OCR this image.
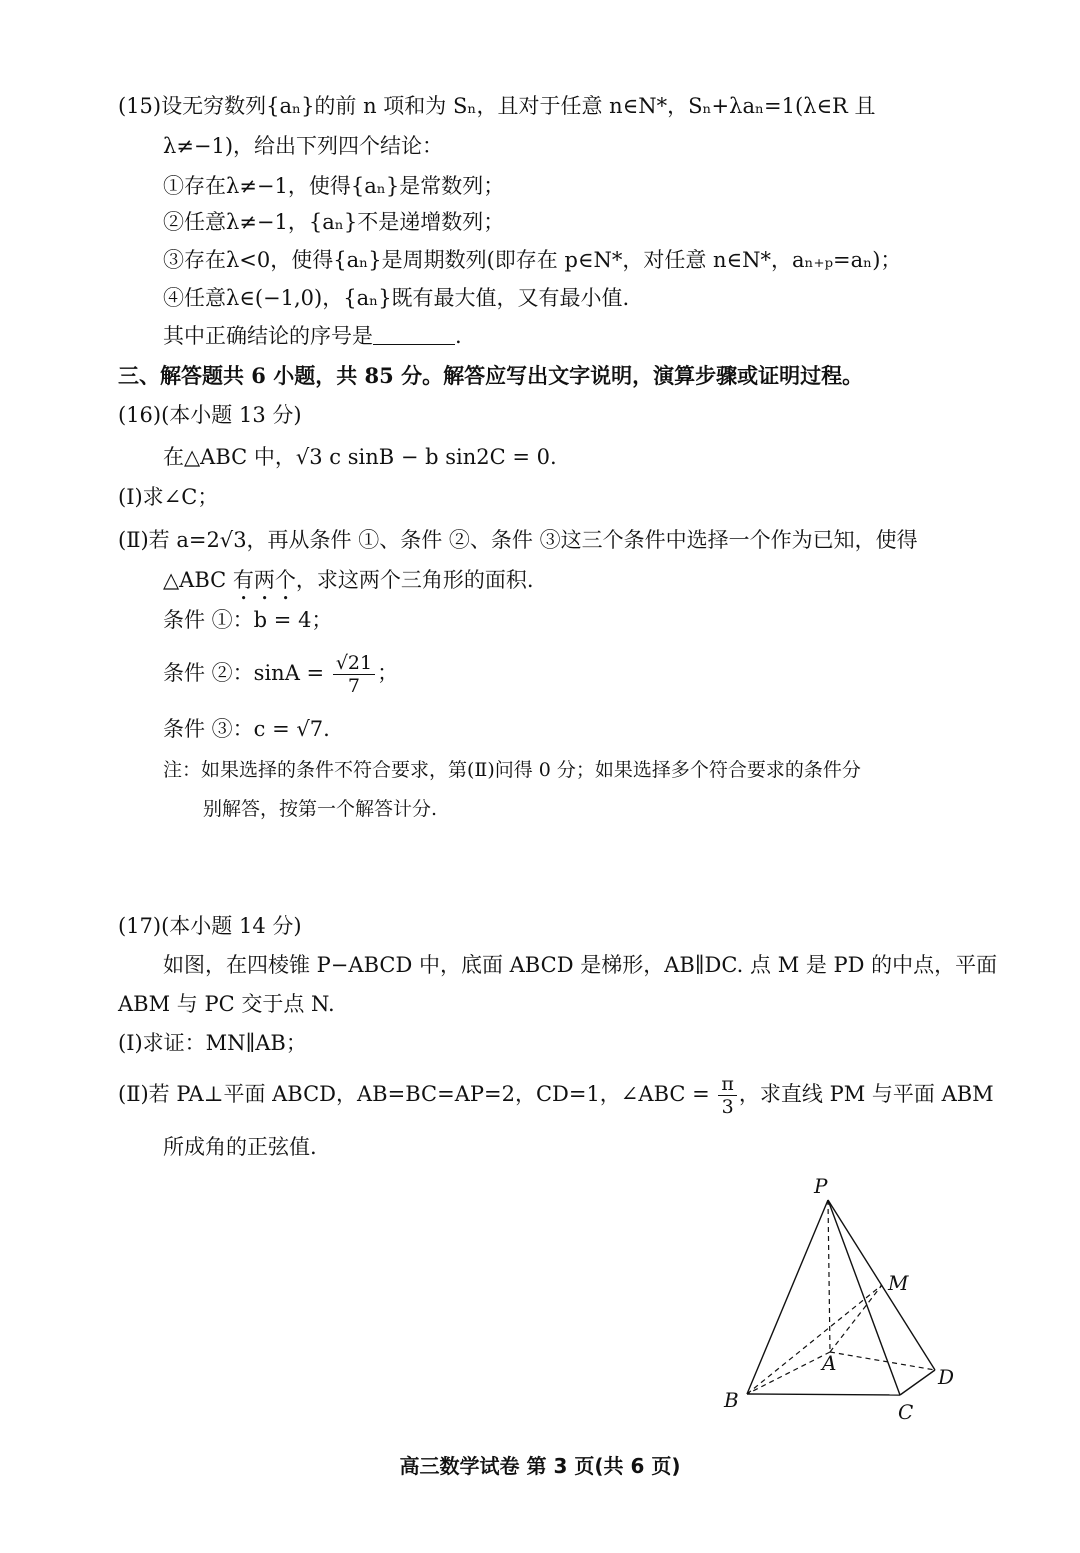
(15)设无穷数列{aₙ}的前 n 项和为 Sₙ，且对于任意 n∈N*，Sₙ+λaₙ=1(λ∈R 且
λ≠−1)，给出下列四个结论：
①存在λ≠−1，使得{aₙ}是常数列；
②任意λ≠−1，{aₙ}不是递增数列；
③存在λ<0，使得{aₙ}是周期数列(即存在 p∈N*，对任意 n∈N*，aₙ₊ₚ=aₙ)；
④任意λ∈(−1,0)，{aₙ}既有最大值，又有最小值.
其中正确结论的序号是	.
三、解答题共 6 小题，共 85 分。解答应写出文字说明，演算步骤或证明过程。
(16)(本小题 13 分)
在△ABC 中，√3 c sinB − b sin2C = 0.
(Ⅰ)求∠C；
(Ⅱ)若 a=2√3，再从条件 ①、条件 ②、条件 ③这三个条件中选择一个作为已知，使得
△ABC 有两个，求这两个三角形的面积.
条件 ①：b = 4；
条件 ②：$\sin A = \frac{√21}{7}$ ；
条件 ③：c = √7.
注：如果选择的条件不符合要求，第(Ⅱ)问得 0 分；如果选择多个符合要求的条件分
别解答，按第一个解答计分.
(17)(本小题 14 分)
如图，在四棱锥 P−ABCD 中，底面 ABCD 是梯形，AB∥DC. 点 M 是 PD 的中点，平面
ABM 与 PC 交于点 N.
(Ⅰ)求证：MN∥AB；
(Ⅱ)若 PA⊥平面 ABCD，AB=BC=AP=2，CD=1，∠ABC = $\frac{\pi}{3}$ ，求直线 PM 与平面 ABM
所成角的正弦值.
P
M
A
B	C
D
高三数学试卷 第 3 页(共 6 页)
